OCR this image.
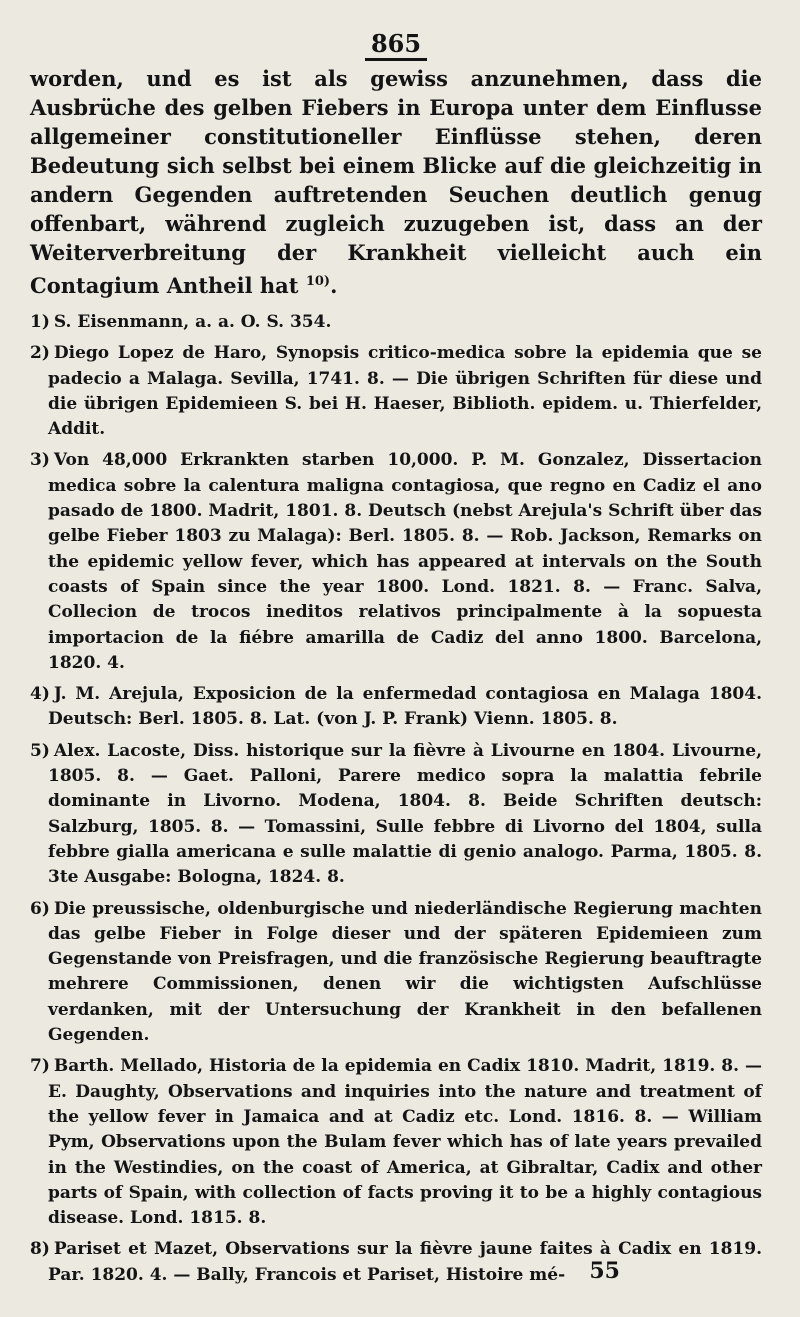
865

worden, und es ist als gewiss anzunehmen, dass die Ausbrüche des gelben Fiebers in Europa unter dem Einflusse allgemeiner constitutioneller Einflüsse stehen, deren Bedeutung sich selbst bei einem Blicke auf die gleichzeitig in andern Gegenden auftretenden Seuchen deutlich genug offenbart, während zugleich zuzugeben ist, dass an der Weiterverbreitung der Krankheit vielleicht auch ein Contagium Antheil hat $^{10)}$.

1) S. Eisenmann, a. a. O. S. 354.
2) Diego Lopez de Haro, Synopsis critico-medica sobre la epidemia que se padecio a Malaga. Sevilla, 1741. 8. — Die übrigen Schriften für diese und die übrigen Epidemieen S. bei H. Haeser, Biblioth. epidem. u. Thierfelder, Addit.
3) Von 48,000 Erkrankten starben 10,000. P. M. Gonzalez, Dissertacion medica sobre la calentura maligna contagiosa, que regno en Cadiz el ano pasado de 1800. Madrit, 1801. 8. Deutsch (nebst Arejula's Schrift über das gelbe Fieber 1803 zu Malaga): Berl. 1805. 8. — Rob. Jackson, Remarks on the epidemic yellow fever, which has appeared at intervals on the South coasts of Spain since the year 1800. Lond. 1821. 8. — Franc. Salva, Collecion de trocos ineditos relativos principalmente à la sopuesta importacion de la fiébre amarilla de Cadiz del anno 1800. Barcelona, 1820. 4.
4) J. M. Arejula, Exposicion de la enfermedad contagiosa en Malaga 1804. Deutsch: Berl. 1805. 8. Lat. (von J. P. Frank) Vienn. 1805. 8.
5) Alex. Lacoste, Diss. historique sur la fièvre à Livourne en 1804. Livourne, 1805. 8. — Gaet. Palloni, Parere medico sopra la malattia febrile dominante in Livorno. Modena, 1804. 8. Beide Schriften deutsch: Salzburg, 1805. 8. — Tomassini, Sulle febbre di Livorno del 1804, sulla febbre gialla americana e sulle malattie di genio analogo. Parma, 1805. 8. 3te Ausgabe: Bologna, 1824. 8.
6) Die preussische, oldenburgische und niederländische Regierung machten das gelbe Fieber in Folge dieser und der späteren Epidemieen zum Gegenstande von Preisfragen, und die französische Regierung beauftragte mehrere Commissionen, denen wir die wichtigsten Aufschlüsse verdanken, mit der Untersuchung der Krankheit in den befallenen Gegenden.
7) Barth. Mellado, Historia de la epidemia en Cadix 1810. Madrit, 1819. 8. — E. Daughty, Observations and inquiries into the nature and treatment of the yellow fever in Jamaica and at Cadiz etc. Lond. 1816. 8. — William Pym, Observations upon the Bulam fever which has of late years prevailed in the Westindies, on the coast of America, at Gibraltar, Cadix and other parts of Spain, with collection of facts proving it to be a highly contagious disease. Lond. 1815. 8.
8) Pariset et Mazet, Observations sur la fièvre jaune faites à Cadix en 1819. Par. 1820. 4. — Bally, Francois et Pariset, Histoire mé-	55
